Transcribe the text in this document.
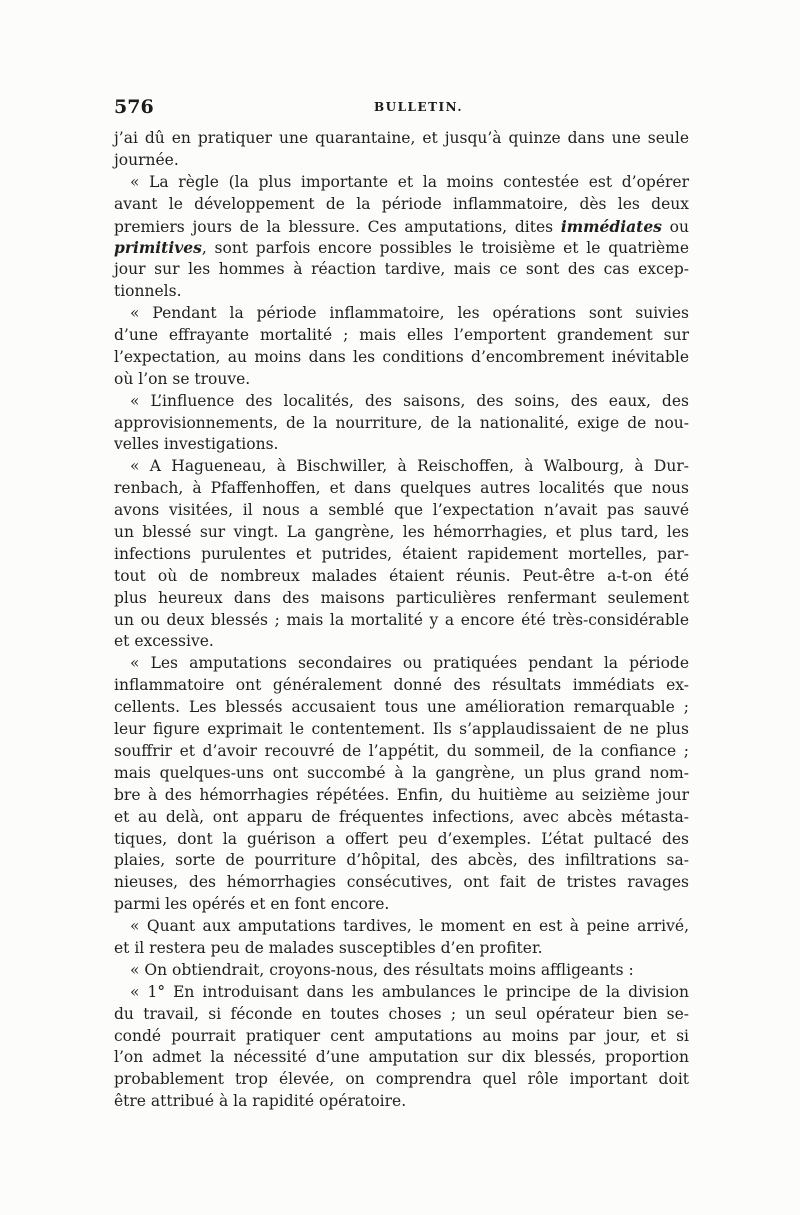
576	BULLETIN.
j’ai dû en pratiquer une quarantaine, et jusqu’à quinze dans une seule
journée.
« La règle (la plus importante et la moins contestée est d’opérer
avant le développement de la période inflammatoire, dès les deux
premiers jours de la blessure. Ces amputations, dites immédiates ou
primitives, sont parfois encore possibles le troisième et le quatrième
jour sur les hommes à réaction tardive, mais ce sont des cas excep-
tionnels.
« Pendant la période inflammatoire, les opérations sont suivies
d’une effrayante mortalité ; mais elles l’emportent grandement sur
l’expectation, au moins dans les conditions d’encombrement inévitable
où l’on se trouve.
« L’influence des localités, des saisons, des soins, des eaux, des
approvisionnements, de la nourriture, de la nationalité, exige de nou-
velles investigations.
« A Hagueneau, à Bischwiller, à Reischoffen, à Walbourg, à Dur-
renbach, à Pfaffenhoffen, et dans quelques autres localités que nous
avons visitées, il nous a semblé que l’expectation n’avait pas sauvé
un blessé sur vingt. La gangrène, les hémorrhagies, et plus tard, les
infections purulentes et putrides, étaient rapidement mortelles, par-
tout où de nombreux malades étaient réunis. Peut-être a-t-on été
plus heureux dans des maisons particulières renfermant seulement
un ou deux blessés ; mais la mortalité y a encore été très-considérable
et excessive.
« Les amputations secondaires ou pratiquées pendant la période
inflammatoire ont généralement donné des résultats immédiats ex-
cellents. Les blessés accusaient tous une amélioration remarquable ;
leur figure exprimait le contentement. Ils s’applaudissaient de ne plus
souffrir et d’avoir recouvré de l’appétit, du sommeil, de la confiance ;
mais quelques-uns ont succombé à la gangrène, un plus grand nom-
bre à des hémorrhagies répétées. Enfin, du huitième au seizième jour
et au delà, ont apparu de fréquentes infections, avec abcès métasta-
tiques, dont la guérison a offert peu d’exemples. L’état pultacé des
plaies, sorte de pourriture d’hôpital, des abcès, des infiltrations sa-
nieuses, des hémorrhagies consécutives, ont fait de tristes ravages
parmi les opérés et en font encore.
« Quant aux amputations tardives, le moment en est à peine arrivé,
et il restera peu de malades susceptibles d’en profiter.
« On obtiendrait, croyons-nous, des résultats moins affligeants :
« 1° En introduisant dans les ambulances le principe de la division
du travail, si féconde en toutes choses ; un seul opérateur bien se-
condé pourrait pratiquer cent amputations au moins par jour, et si
l’on admet la nécessité d’une amputation sur dix blessés, proportion
probablement trop élevée, on comprendra quel rôle important doit
être attribué à la rapidité opératoire.
